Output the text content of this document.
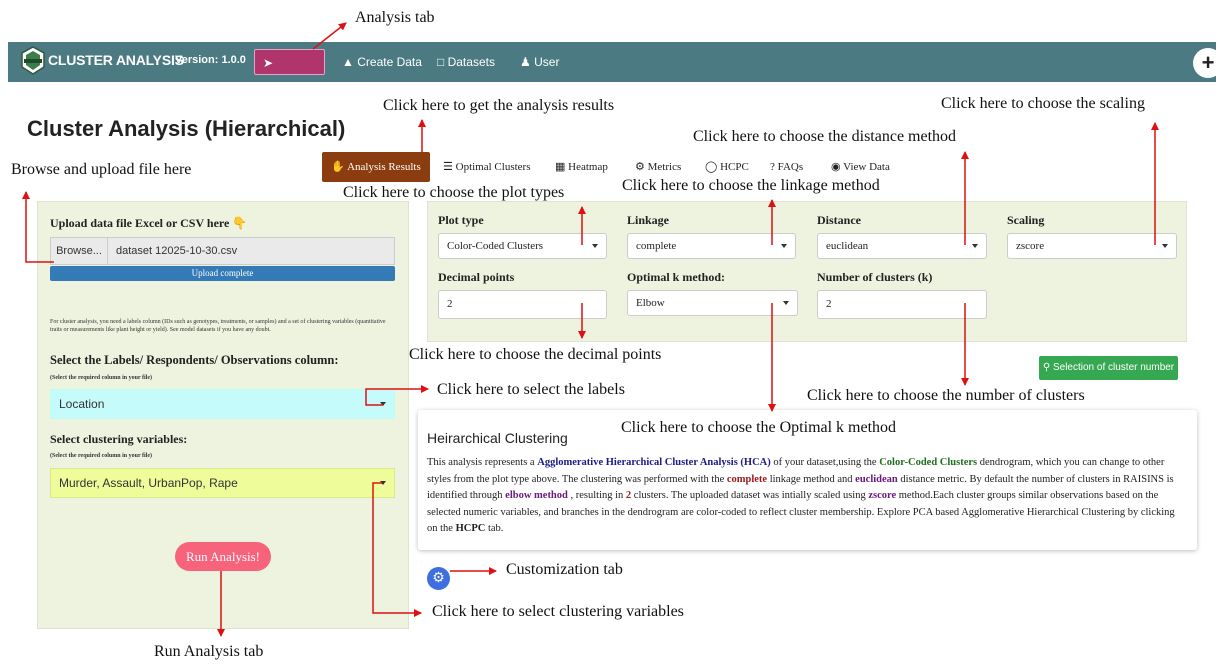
CLUSTER ANALYSIS
Version: 1.0.0	➤ Analysis
▲ Create Data	□ Datasets	♟ User	+
Cluster Analysis (Hierarchical)
✋ Analysis Results	☰ Optimal Clusters ▦ Heatmap ⚙ Metrics ◯ HCPC ? FAQs	◉ View Data
Upload data file Excel or CSV here 👇
Browse...	dataset 12025-10-30.csv
Upload complete
For cluster analysis, you need a labels column (IDs such as genotypes, treatments, or samples) and a set of clustering variables (quantitative traits or measurements like plant height or yield). See model datasets if you have any doubt.
Select the Labels/ Respondents/ Observations column:
(Select the required column in your file)
Location
Select clustering variables:
(Select the required column in your file)
Murder, Assault, UrbanPop, Rape
Run Analysis!
Plot type
Color-Coded Clusters
Linkage
complete
Distance
euclidean
Scaling
zscore
Decimal points
2
Optimal k method:
Elbow
Number of clusters (k)
2
⚲ Selection of cluster number
Heirarchical Clustering
This analysis represents a Agglomerative Hierarchical Cluster Analysis (HCA) of your dataset,using the Color-Coded Clusters dendrogram, which you can change to other styles from the plot type above. The clustering was performed with the complete linkage method and euclidean distance metric. By default the number of clusters in RAISINS is identified through elbow method , resulting in 2 clusters. The uploaded dataset was intially scaled using zscore method.Each cluster groups similar observations based on the selected numeric variables, and branches in the dendrogram are color-coded to reflect cluster membership. Explore PCA based Agglomerative Hierarchical Clustering by clicking on the HCPC tab.
⚙
Analysis tab
Click here to get the analysis results	Click here to choose the scaling
Click here to choose the distance method
Browse and upload file here
Click here to choose the plot types	Click here to choose the linkage method
Click here to choose the decimal points
Click here to select the labels	Click here to choose the number of clusters
Click here to choose the Optimal k method
Customization tab
Click here to select clustering variables
Run Analysis tab
